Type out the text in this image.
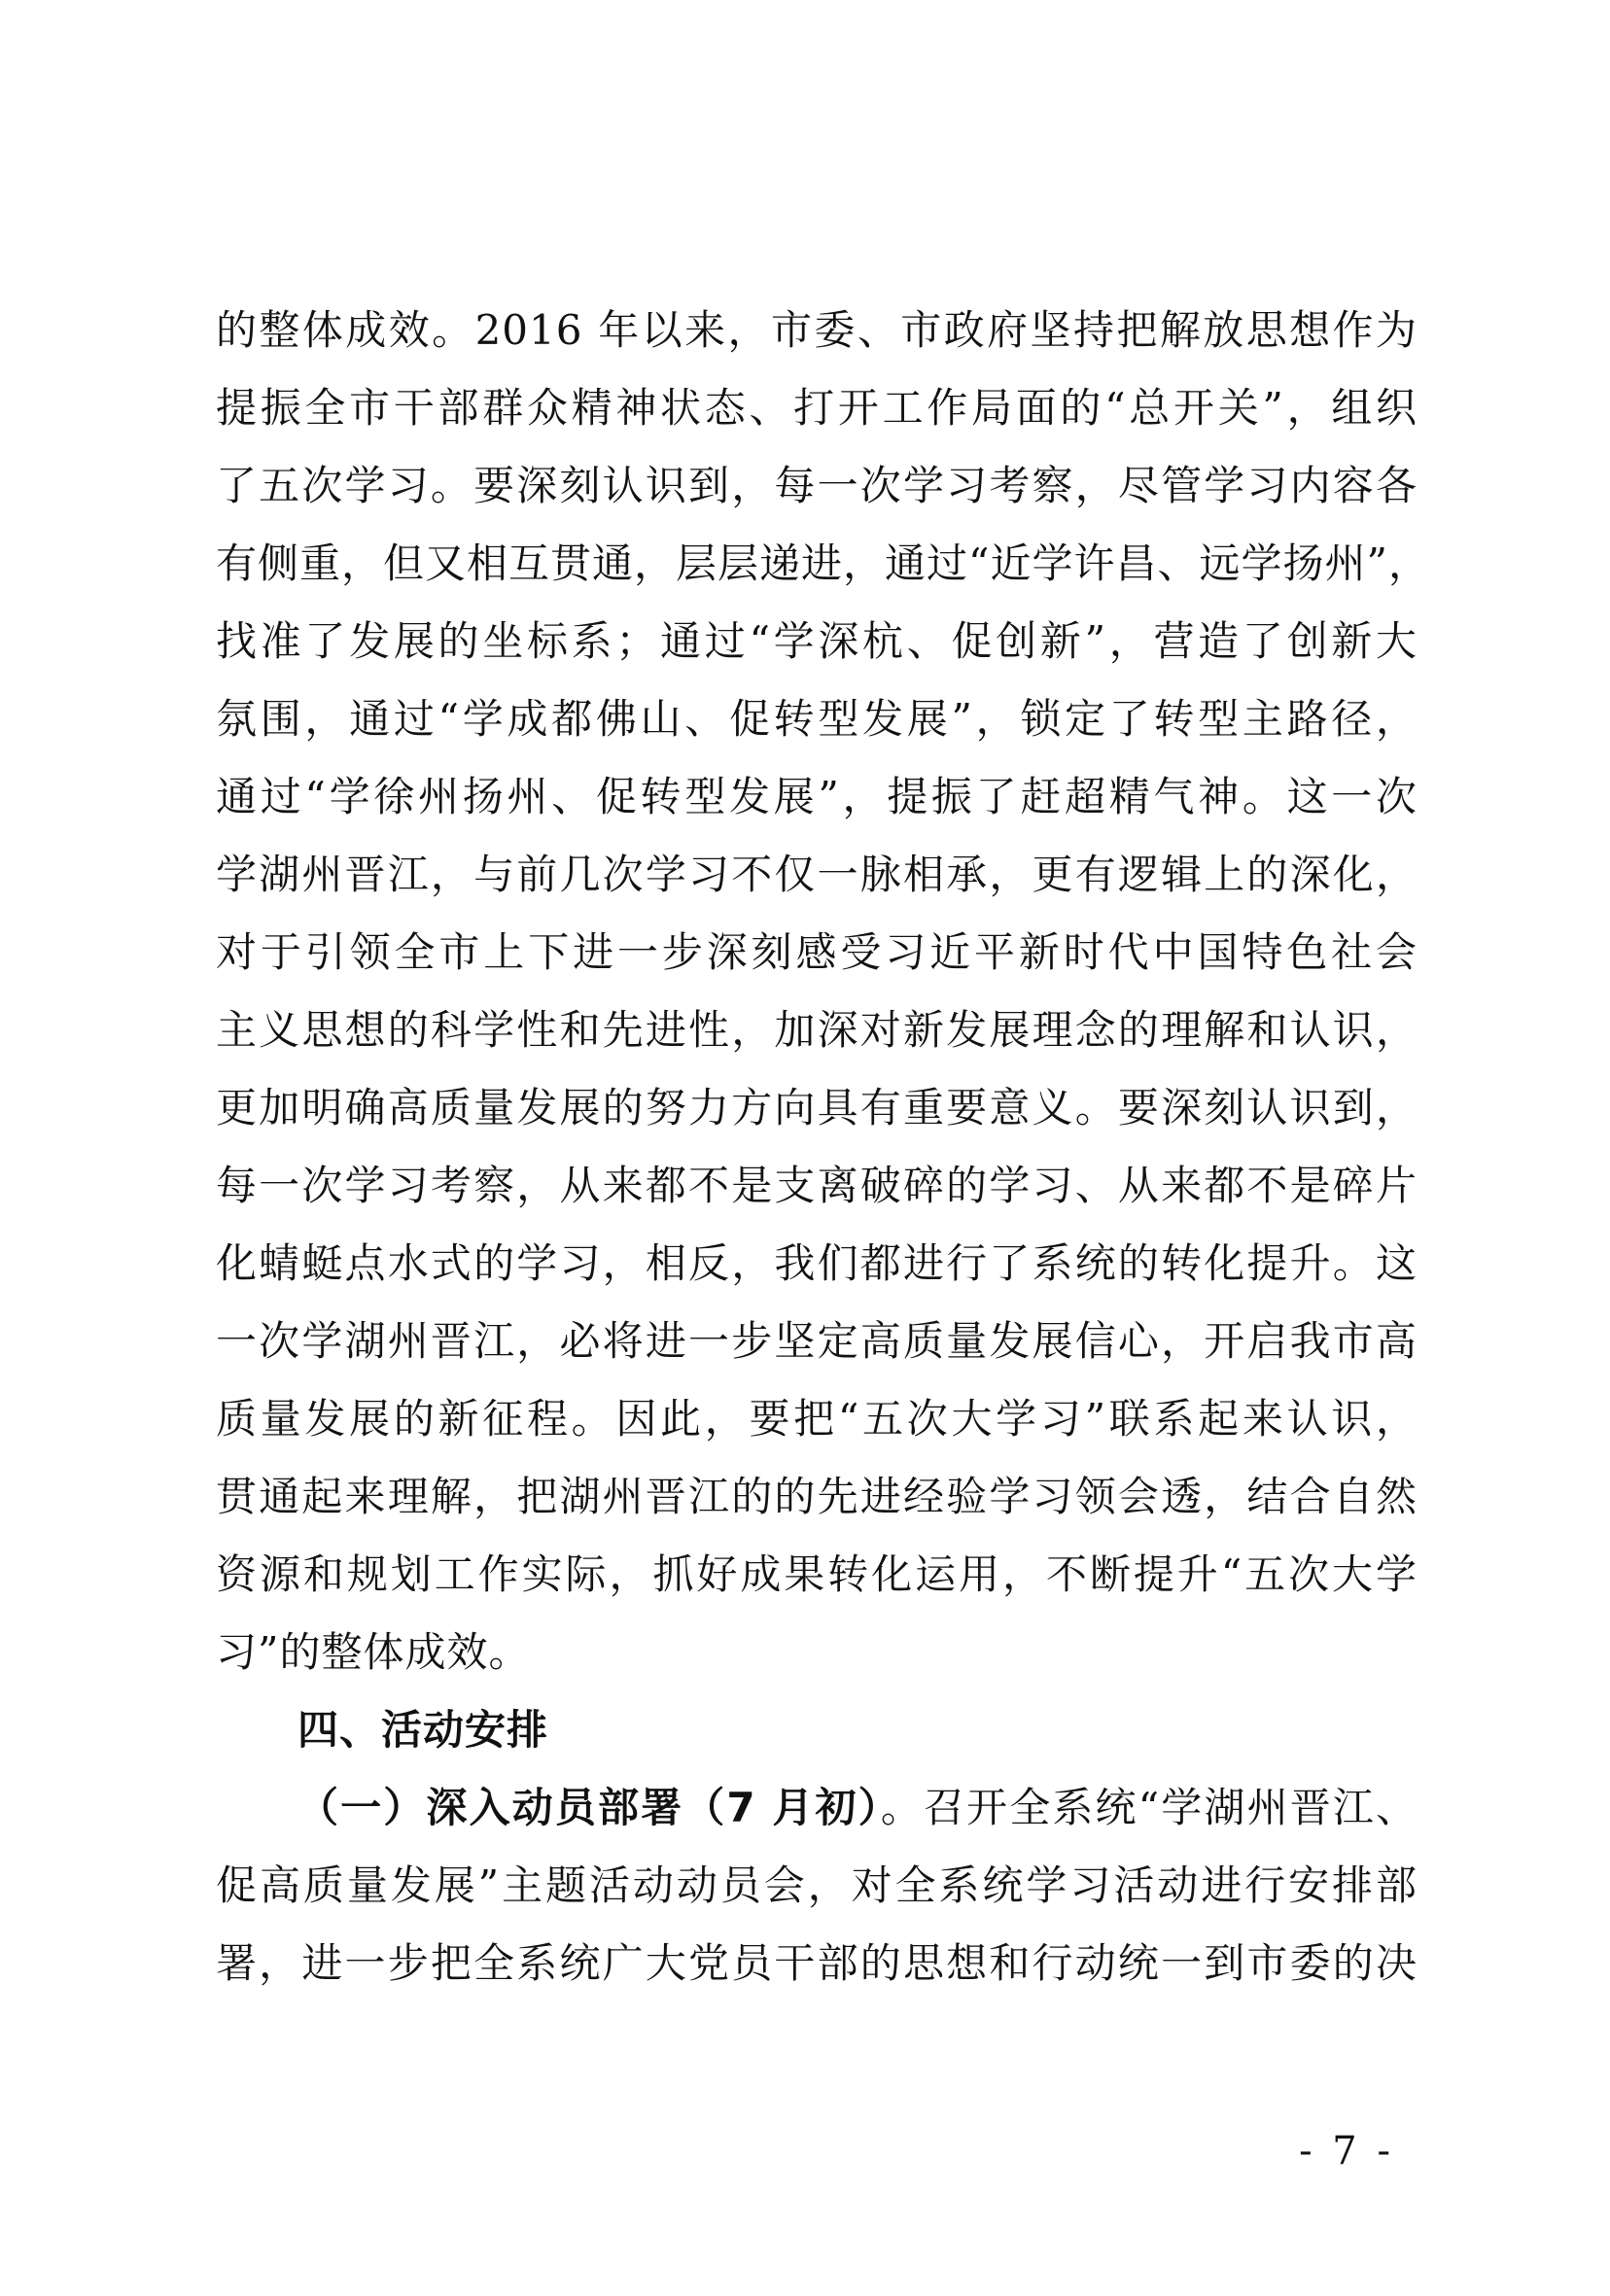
的整体成效。2016 年以来，市委、市政府坚持把解放思想作为
提振全市干部群众精神状态、打开工作局面的“总开关”，组织
了五次学习。要深刻认识到，每一次学习考察，尽管学习内容各
有侧重，但又相互贯通，层层递进，通过“近学许昌、远学扬州”，
找准了发展的坐标系；通过“学深杭、促创新”，营造了创新大
氛围，通过“学成都佛山、促转型发展”，锁定了转型主路径，
通过“学徐州扬州、促转型发展”，提振了赶超精气神。这一次
学湖州晋江，与前几次学习不仅一脉相承，更有逻辑上的深化，
对于引领全市上下进一步深刻感受习近平新时代中国特色社会
主义思想的科学性和先进性，加深对新发展理念的理解和认识，
更加明确高质量发展的努力方向具有重要意义。要深刻认识到，
每一次学习考察，从来都不是支离破碎的学习、从来都不是碎片
化蜻蜓点水式的学习，相反，我们都进行了系统的转化提升。这
一次学湖州晋江，必将进一步坚定高质量发展信心，开启我市高
质量发展的新征程。因此，要把“五次大学习”联系起来认识，
贯通起来理解，把湖州晋江的的先进经验学习领会透，结合自然
资源和规划工作实际，抓好成果转化运用，不断提升“五次大学
习”的整体成效。
四、活动安排
（一）深入动员部署（7 月初）。召开全系统“学湖州晋江、
促高质量发展”主题活动动员会，对全系统学习活动进行安排部
署，进一步把全系统广大党员干部的思想和行动统一到市委的决
- 7 -
